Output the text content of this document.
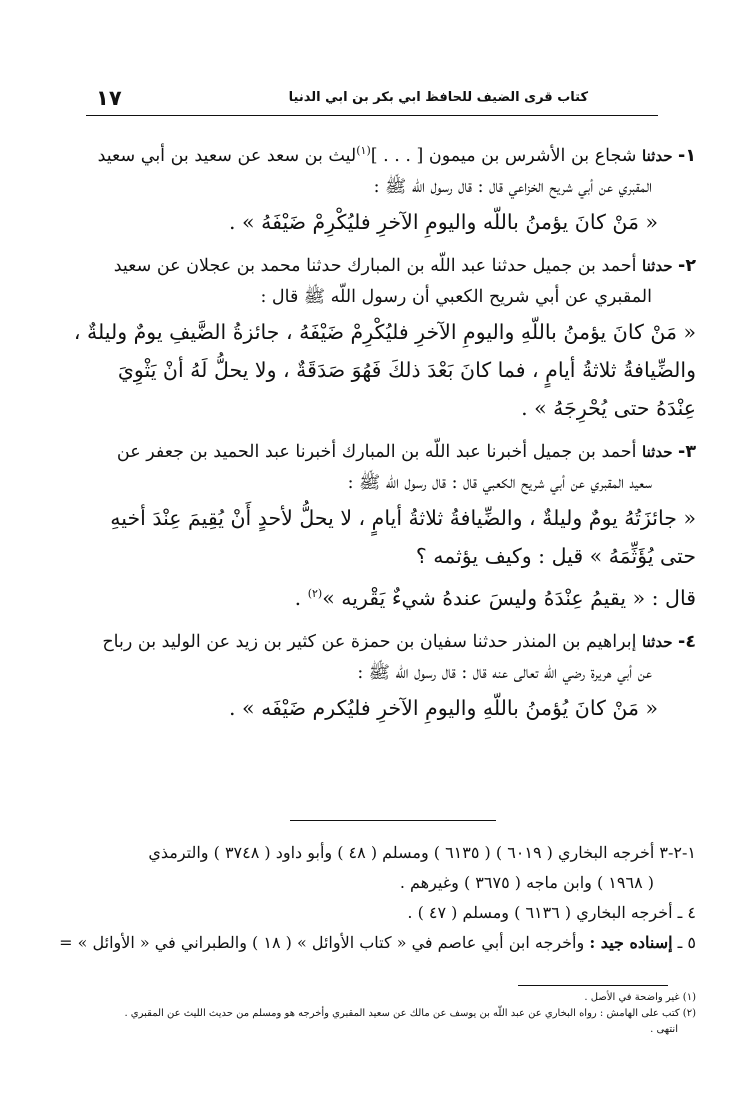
كتاب قرى الضيف للحافظ ابي بكر بن ابي الدنيا
١٧
١- حدثنا شجاع بن الأشرس بن ميمون [ . . . ]$^{(١)}$ليث بن سعد عن سعيد بن أبي سعيد
المقبري عن أبي شريح الخزاعي قال : قال رسول الله ﷺ :
« مَنْ كانَ يؤمنُ باللّه واليومِ الآخرِ فليُكْرِمْ ضَيْفَهُ » .
٢- حدثنا أحمد بن جميل حدثنا عبد اللّه بن المبارك حدثنا محمد بن عجلان عن سعيد
المقبري عن أبي شريح الكعبي أن رسول اللّه ﷺ قال :
« مَنْ كانَ يؤمنُ باللّهِ واليومِ الآخرِ فليُكْرِمْ ضَيْفَهُ ، جائزةُ الضَّيفِ يومٌ وليلةٌ ،
والضِّيافةُ ثلاثةُ أيامٍ ، فما كانَ بَعْدَ ذلكَ فَهُوَ صَدَقَةٌ ، ولا يحلُّ لَهُ أنْ يَثْوِيَ
عِنْدَهُ حتى يُحْرِجَهُ » .
٣- حدثنا أحمد بن جميل أخبرنا عبد اللّه بن المبارك أخبرنا عبد الحميد بن جعفر عن
سعيد المقبري عن أبي شريح الكعبي قال : قال رسول اللّه ﷺ :
« جائزَتُهُ يومٌ وليلةٌ ، والضِّيافةُ ثلاثةُ أيامٍ ، لا يحلُّ لأحدٍ أَنْ يُقِيمَ عِنْدَ أخيهِ
حتى يُؤَثِّمَهُ » قيل : وكيف يؤثمه ؟
قال : « يقيمُ عِنْدَهُ وليسَ عندهُ شيءٌ يَقْريه »$^{(٢)}$ .
٤- حدثنا إبراهيم بن المنذر حدثنا سفيان بن حمزة عن كثير بن زيد عن الوليد بن رباح
عن أبي هريرة رضي اللّه تعالى عنه قال : قال رسول اللّه ﷺ :
« مَنْ كانَ يُؤمنُ باللّهِ واليومِ الآخرِ فليُكرم ضَيْفَه » .
١-٢-٣ أخرجه البخاري ( ٦٠١٩ ) ( ٦١٣٥ ) ومسلم ( ٤٨ ) وأبو داود ( ٣٧٤٨ ) والترمذي
( ١٩٦٨ ) وابن ماجه ( ٣٦٧٥ ) وغيرهم .
٤ ـ أخرجه البخاري ( ٦١٣٦ ) ومسلم ( ٤٧ ) .
٥ ـ إسناده جيد : وأخرجه ابن أبي عاصم في « كتاب الأوائل » ( ١٨ ) والطبراني في « الأوائل » =
(١) غير واضحة في الأصل .
(٢) كتب على الهامش : رواه البخاري عن عبد اللّه بن يوسف عن مالك عن سعيد المقبري وأخرجه هو ومسلم من حديث الليث عن المقبري .
انتهى .
